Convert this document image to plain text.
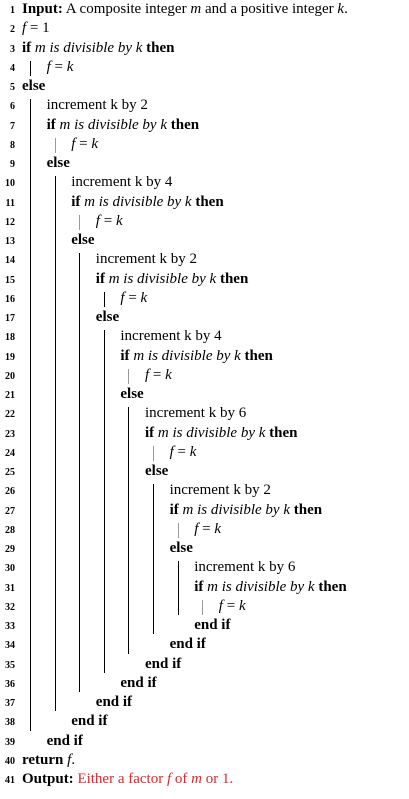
1 Input: A composite integer m and a positive integer k.
2 f = 1
3 if m is divisible by k then
4 f = k
5 else
6 increment k by 2
7 if m is divisible by k then
8	f = k
9 else
10	increment k by 4
11	if m is divisible by k then
12	f = k
13	else
14	increment k by 2
15	if m is divisible by k then
16	f = k
17	else
18	increment k by 4
19	if m is divisible by k then
20	f = k
21	else
22	increment k by 6
23	if m is divisible by k then
24	f = k
25	else
26	increment k by 2
27	if m is divisible by k then
28	f = k
29	else
30	increment k by 6
31	if m is divisible by k then
32	f = k
33	end if
34	end if
35	end if
36	end if
37	end if
38	end if
39 end if
40 return f.
41 Output: Either a factor f of m or 1.
